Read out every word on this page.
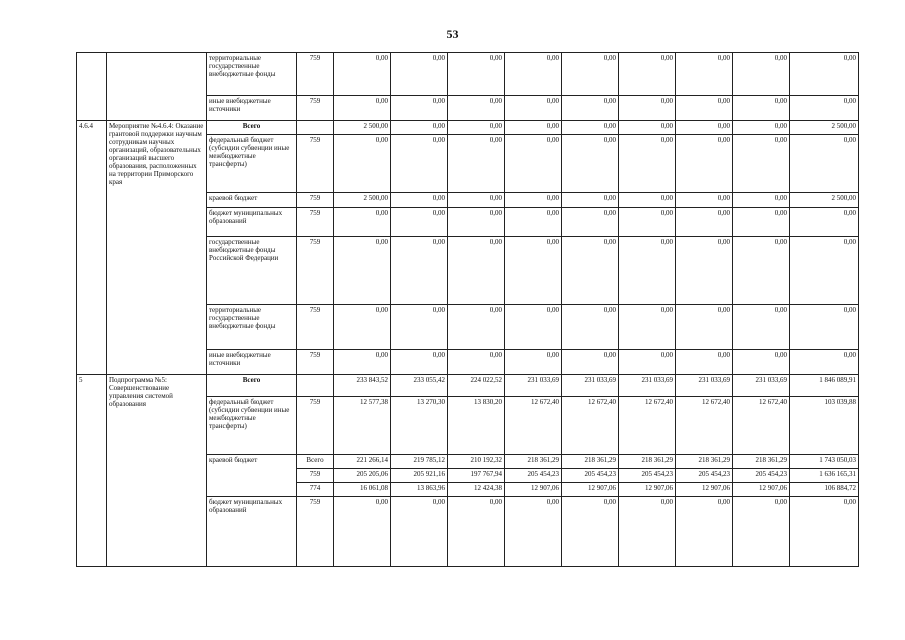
53
		территориальные государственные внебюджетные фонды	759	0,00	0,00	0,00	0,00	0,00	0,00	0,00	0,00	0,00
		иные внебюджетные источники	759	0,00	0,00	0,00	0,00	0,00	0,00	0,00	0,00	0,00
4.6.4	Мероприятие №4.6.4: Оказание грантовой поддержки научным сотрудникам научных организаций, образовательных организаций высшего образования, расположенных на территории Приморского края	Всего		2 500,00	0,00	0,00	0,00	0,00	0,00	0,00	0,00	2 500,00
		федеральный бюджет (субсидии субвенции иные межбюджетные трансферты)	759	0,00	0,00	0,00	0,00	0,00	0,00	0,00	0,00	0,00
		краевой бюджет	759	2 500,00	0,00	0,00	0,00	0,00	0,00	0,00	0,00	2 500,00
		бюджет муниципальных образований	759	0,00	0,00	0,00	0,00	0,00	0,00	0,00	0,00	0,00
		государственные внебюджетные фонды Российской Федерации	759	0,00	0,00	0,00	0,00	0,00	0,00	0,00	0,00	0,00
		территориальные государственные внебюджетные фонды	759	0,00	0,00	0,00	0,00	0,00	0,00	0,00	0,00	0,00
		иные внебюджетные источники	759	0,00	0,00	0,00	0,00	0,00	0,00	0,00	0,00	0,00
5	Подпрограмма №5: Совершенствование управления системой образования	Всего		233 843,52	233 055,42	224 022,52	231 033,69	231 033,69	231 033,69	231 033,69	231 033,69	1 846 089,91
		федеральный бюджет (субсидии субвенции иные межбюджетные трансферты)	759	12 577,38	13 270,30	13 830,20	12 672,40	12 672,40	12 672,40	12 672,40	12 672,40	103 039,88
		краевой бюджет	Всего	221 266,14	219 785,12	210 192,32	218 361,29	218 361,29	218 361,29	218 361,29	218 361,29	1 743 050,03
			759	205 205,06	205 921,16	197 767,94	205 454,23	205 454,23	205 454,23	205 454,23	205 454,23	1 636 165,31
			774	16 061,08	13 863,96	12 424,38	12 907,06	12 907,06	12 907,06	12 907,06	12 907,06	106 884,72
		бюджет муниципальных образований	759	0,00	0,00	0,00	0,00	0,00	0,00	0,00	0,00	0,00
